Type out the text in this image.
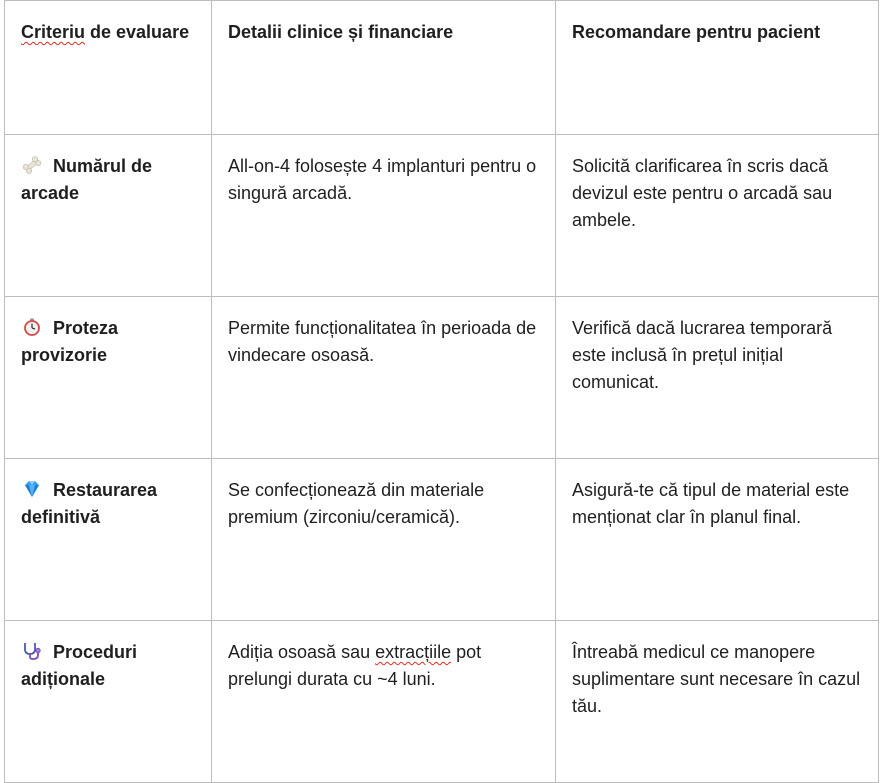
Criteriu de evaluare	Detalii clinice și financiare	Recomandare pentru pacient
Numărul de arcade	All-on-4 folosește 4 implanturi pentru o singură arcadă.	Solicită clarificarea în scris dacă devizul este pentru o arcadă sau ambele.
Proteza provizorie	Permite funcționalitatea în perioada de vindecare osoasă.	Verifică dacă lucrarea temporară este inclusă în prețul inițial comunicat.
Restaurarea definitivă	Se confecționează din materiale premium (zirconiu/ceramică).	Asigură-te că tipul de material este menționat clar în planul final.
Proceduri adiționale	Adiția osoasă sau extracțiile pot prelungi durata cu ~4 luni.	Întreabă medicul ce manopere suplimentare sunt necesare în cazul tău.
